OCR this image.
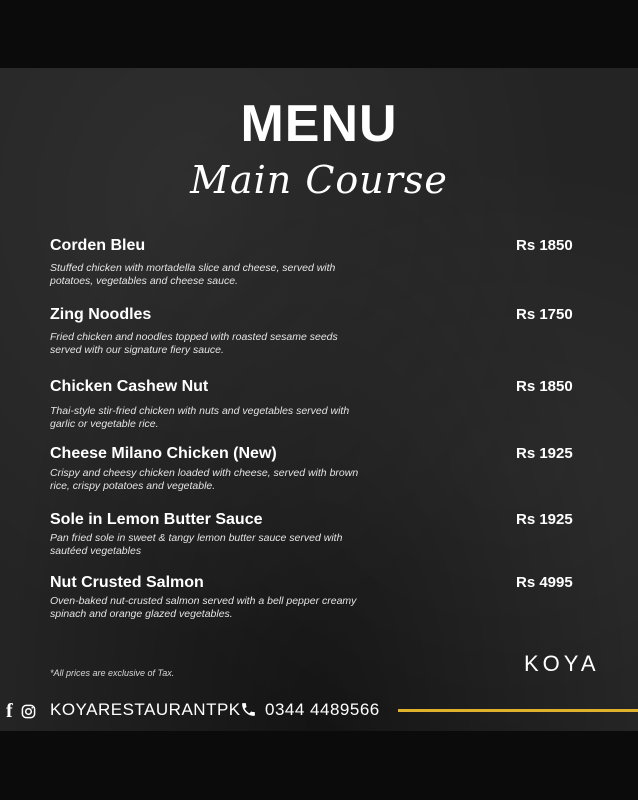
MENU
Main Course
Corden Bleu	Rs 1850
Stuffed chicken with mortadella slice and cheese, served with potatoes, vegetables and cheese sauce.
Zing Noodles	Rs 1750
Fried chicken and noodles topped with roasted sesame seeds served with our signature fiery sauce.
Chicken Cashew Nut	Rs 1850
Thai-style stir-fried chicken with nuts and vegetables served with garlic or vegetable rice.
Cheese Milano Chicken (New)	Rs 1925
Crispy and cheesy chicken loaded with cheese, served with brown rice, crispy potatoes and vegetable.
Sole in Lemon Butter Sauce	Rs 1925
Pan fried sole in sweet & tangy lemon butter sauce served with sautéed vegetables
Nut Crusted Salmon	Rs 4995
Oven-baked nut-crusted salmon served with a bell pepper creamy spinach and orange glazed vegetables.
*All prices are exclusive of Tax.	KOYA
f KOYARESTAURANTPK 0344 4489566
